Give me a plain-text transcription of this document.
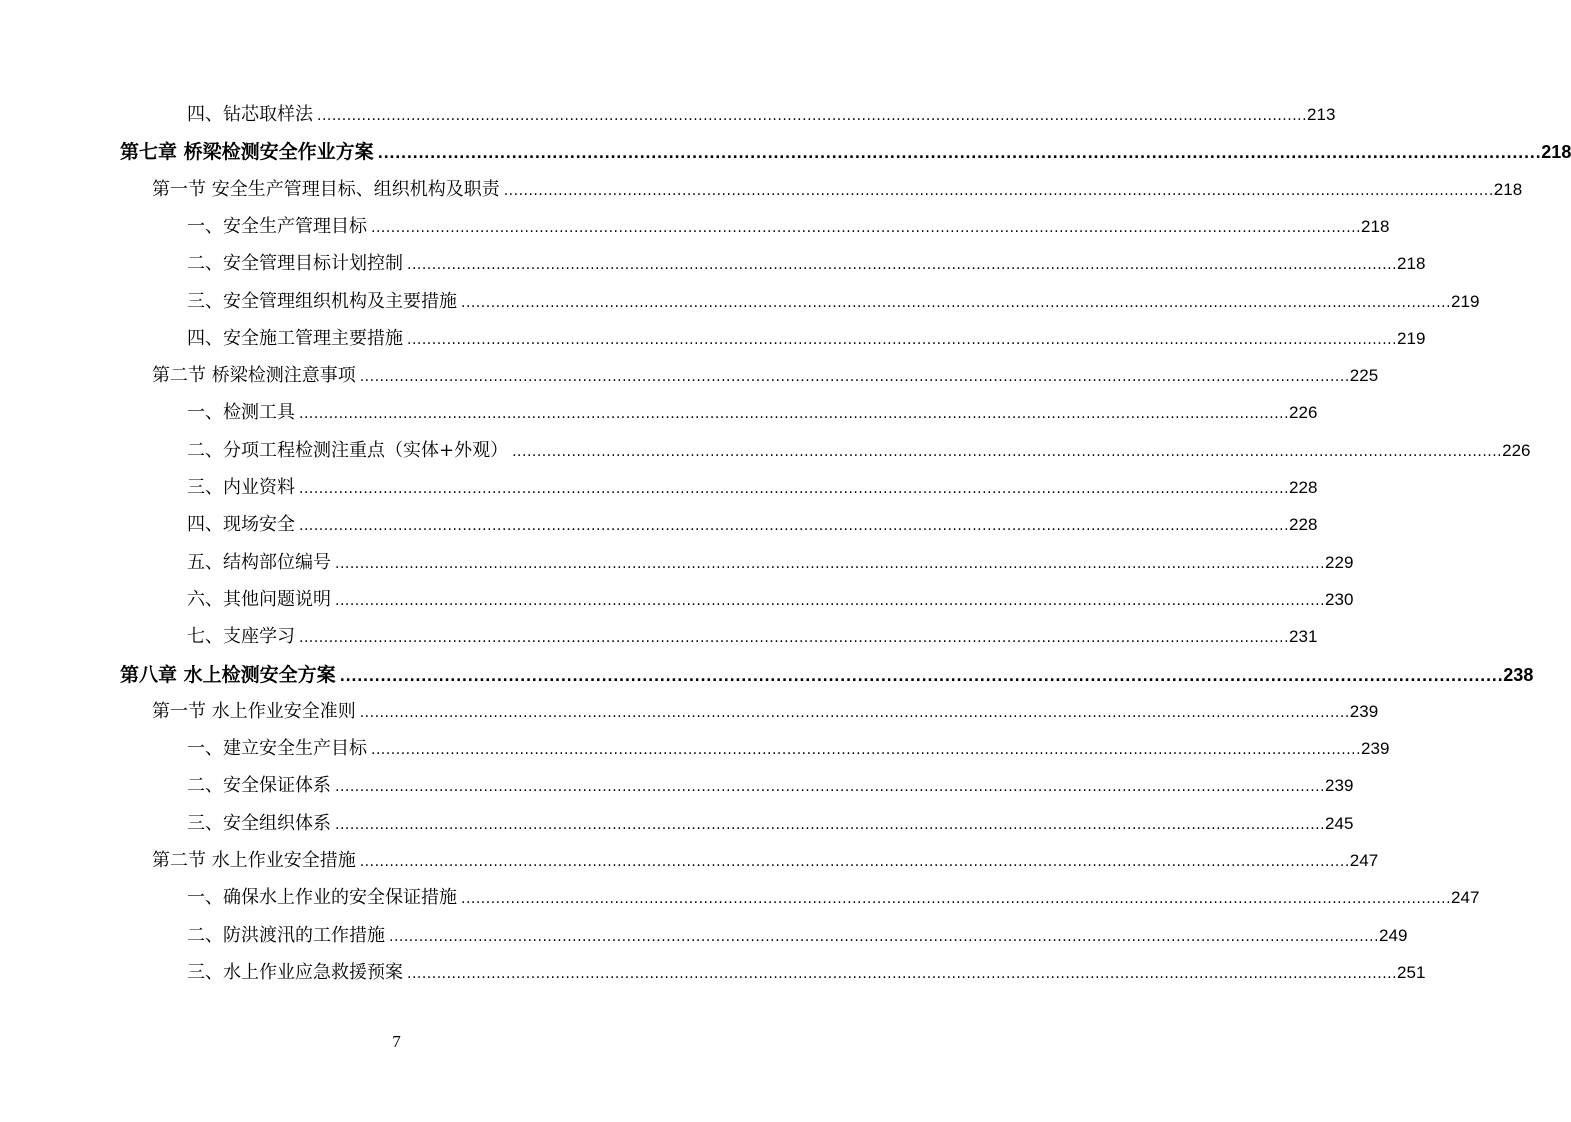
四、钻芯取样法 ........................................................................................................................................................................................................ 213
第七章 桥梁检测安全作业方案 ........................................................................................................................................................................................................ 218
第一节 安全生产管理目标、组织机构及职责 ........................................................................................................................................................................................................ 218
一、安全生产管理目标 ........................................................................................................................................................................................................ 218
二、安全管理目标计划控制 ........................................................................................................................................................................................................ 218
三、安全管理组织机构及主要措施 ........................................................................................................................................................................................................ 219
四、安全施工管理主要措施 ........................................................................................................................................................................................................ 219
第二节 桥梁检测注意事项 ........................................................................................................................................................................................................ 225
一、检测工具 ........................................................................................................................................................................................................ 226
二、分项工程检测注重点（实体+外观） ........................................................................................................................................................................................................ 226
三、内业资料 ........................................................................................................................................................................................................ 228
四、现场安全 ........................................................................................................................................................................................................ 228
五、结构部位编号 ........................................................................................................................................................................................................ 229
六、其他问题说明 ........................................................................................................................................................................................................ 230
七、支座学习 ........................................................................................................................................................................................................ 231
第八章 水上检测安全方案 ........................................................................................................................................................................................................ 238
第一节 水上作业安全准则 ........................................................................................................................................................................................................ 239
一、建立安全生产目标 ........................................................................................................................................................................................................ 239
二、安全保证体系 ........................................................................................................................................................................................................ 239
三、安全组织体系 ........................................................................................................................................................................................................ 245
第二节 水上作业安全措施 ........................................................................................................................................................................................................ 247
一、确保水上作业的安全保证措施 ........................................................................................................................................................................................................ 247
二、防洪渡汛的工作措施 ........................................................................................................................................................................................................ 249
三、水上作业应急救援预案 ........................................................................................................................................................................................................ 251
7
